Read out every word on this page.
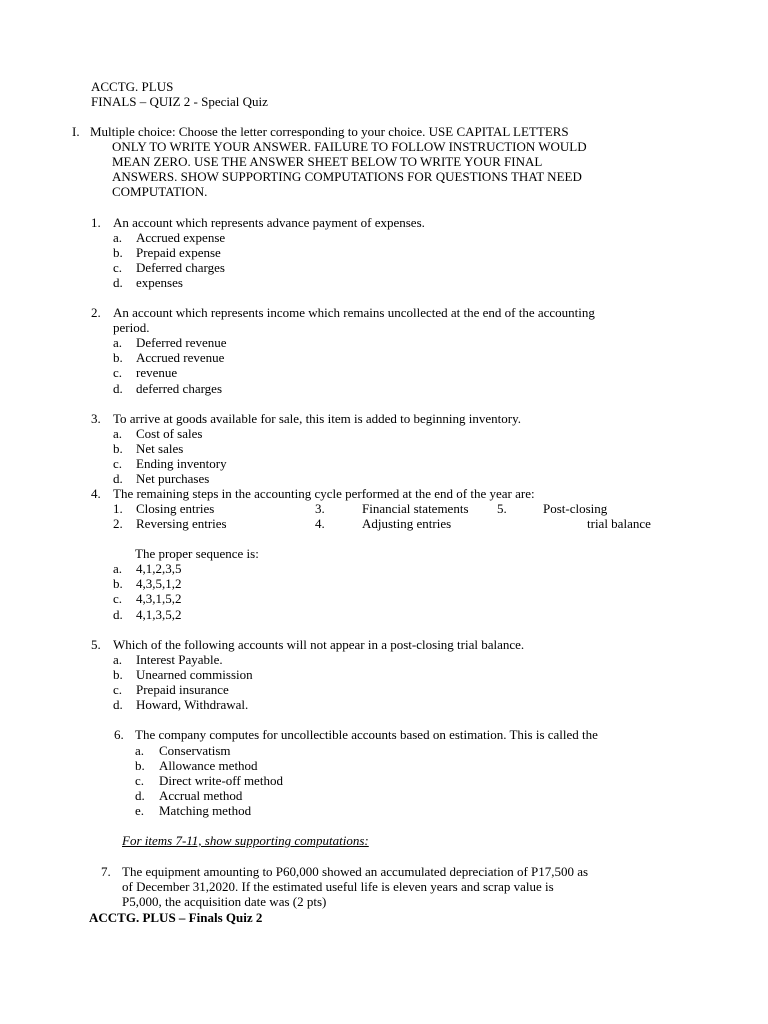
ACCTG. PLUS
FINALS – QUIZ 2 - Special Quiz
I. Multiple choice: Choose the letter corresponding to your choice. USE CAPITAL LETTERS
ONLY TO WRITE YOUR ANSWER. FAILURE TO FOLLOW INSTRUCTION WOULD
MEAN ZERO. USE THE ANSWER SHEET BELOW TO WRITE YOUR FINAL
ANSWERS. SHOW SUPPORTING COMPUTATIONS FOR QUESTIONS THAT NEED
COMPUTATION.
1. An account which represents advance payment of expenses.
a. Accrued expense
b. Prepaid expense
c. Deferred charges
d. expenses
2. An account which represents income which remains uncollected at the end of the accounting
period.
a. Deferred revenue
b. Accrued revenue
c. revenue
d. deferred charges
3. To arrive at goods available for sale, this item is added to beginning inventory.
a. Cost of sales
b. Net sales
c. Ending inventory
d. Net purchases
4. The remaining steps in the accounting cycle performed at the end of the year are:
1. Closing entries	3.	Financial statements 5.	Post-closing
2. Reversing entries	4.	Adjusting entries	trial balance
The proper sequence is:
a. 4,1,2,3,5
b. 4,3,5,1,2
c. 4,3,1,5,2
d. 4,1,3,5,2
5. Which of the following accounts will not appear in a post-closing trial balance.
a. Interest Payable.
b. Unearned commission
c. Prepaid insurance
d. Howard, Withdrawal.
6. The company computes for uncollectible accounts based on estimation. This is called the
a. Conservatism
b. Allowance method
c. Direct write-off method
d. Accrual method
e. Matching method
For items 7-11, show supporting computations:
7. The equipment amounting to P60,000 showed an accumulated depreciation of P17,500 as
of December 31,2020. If the estimated useful life is eleven years and scrap value is
P5,000, the acquisition date was (2 pts)
ACCTG. PLUS – Finals Quiz 2
